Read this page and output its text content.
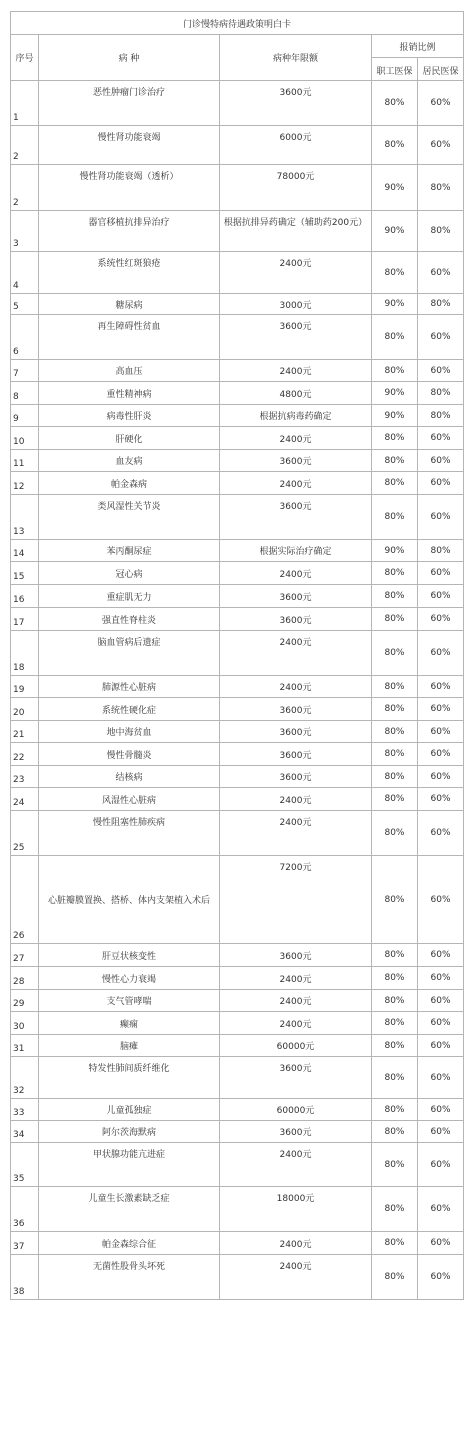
门诊慢特病待遇政策明白卡				
序号	病 种	病种年限额	报销比例	
			职工医保	居民医保
1	恶性肿瘤门诊治疗	3600元	80%	60%
2	慢性肾功能衰竭	6000元	80%	60%
2	慢性肾功能衰竭（透析）	78000元	90%	80%
3	器官移植抗排异治疗	根据抗排异药确定（辅助药200元）	90%	80%
4	系统性红斑狼疮	2400元	80%	60%
5	糖尿病	3000元	90%	80%
6	再生障碍性贫血	3600元	80%	60%
7	高血压	2400元	80%	60%
8	重性精神病	4800元	90%	80%
9	病毒性肝炎	根据抗病毒药确定	90%	80%
10	肝硬化	2400元	80%	60%
11	血友病	3600元	80%	60%
12	帕金森病	2400元	80%	60%
13	类风湿性关节炎	3600元	80%	60%
14	苯丙酮尿症	根据实际治疗确定	90%	80%
15	冠心病	2400元	80%	60%
16	重症肌无力	3600元	80%	60%
17	强直性脊柱炎	3600元	80%	60%
18	脑血管病后遗症	2400元	80%	60%
19	肺源性心脏病	2400元	80%	60%
20	系统性硬化症	3600元	80%	60%
21	地中海贫血	3600元	80%	60%
22	慢性骨髓炎	3600元	80%	60%
23	结核病	3600元	80%	60%
24	风湿性心脏病	2400元	80%	60%
25	慢性阻塞性肺疾病	2400元	80%	60%
26	心脏瓣膜置换、搭桥、体内支架植入术后	7200元	80%	60%
27	肝豆状核变性	3600元	80%	60%
28	慢性心力衰竭	2400元	80%	60%
29	支气管哮喘	2400元	80%	60%
30	癫痫	2400元	80%	60%
31	脑瘫	60000元	80%	60%
32	特发性肺间质纤维化	3600元	80%	60%
33	儿童孤独症	60000元	80%	60%
34	阿尔茨海默病	3600元	80%	60%
35	甲状腺功能亢进症	2400元	80%	60%
36	儿童生长激素缺乏症	18000元	80%	60%
37	帕金森综合征	2400元	80%	60%
38	无菌性股骨头坏死	2400元	80%	60%
